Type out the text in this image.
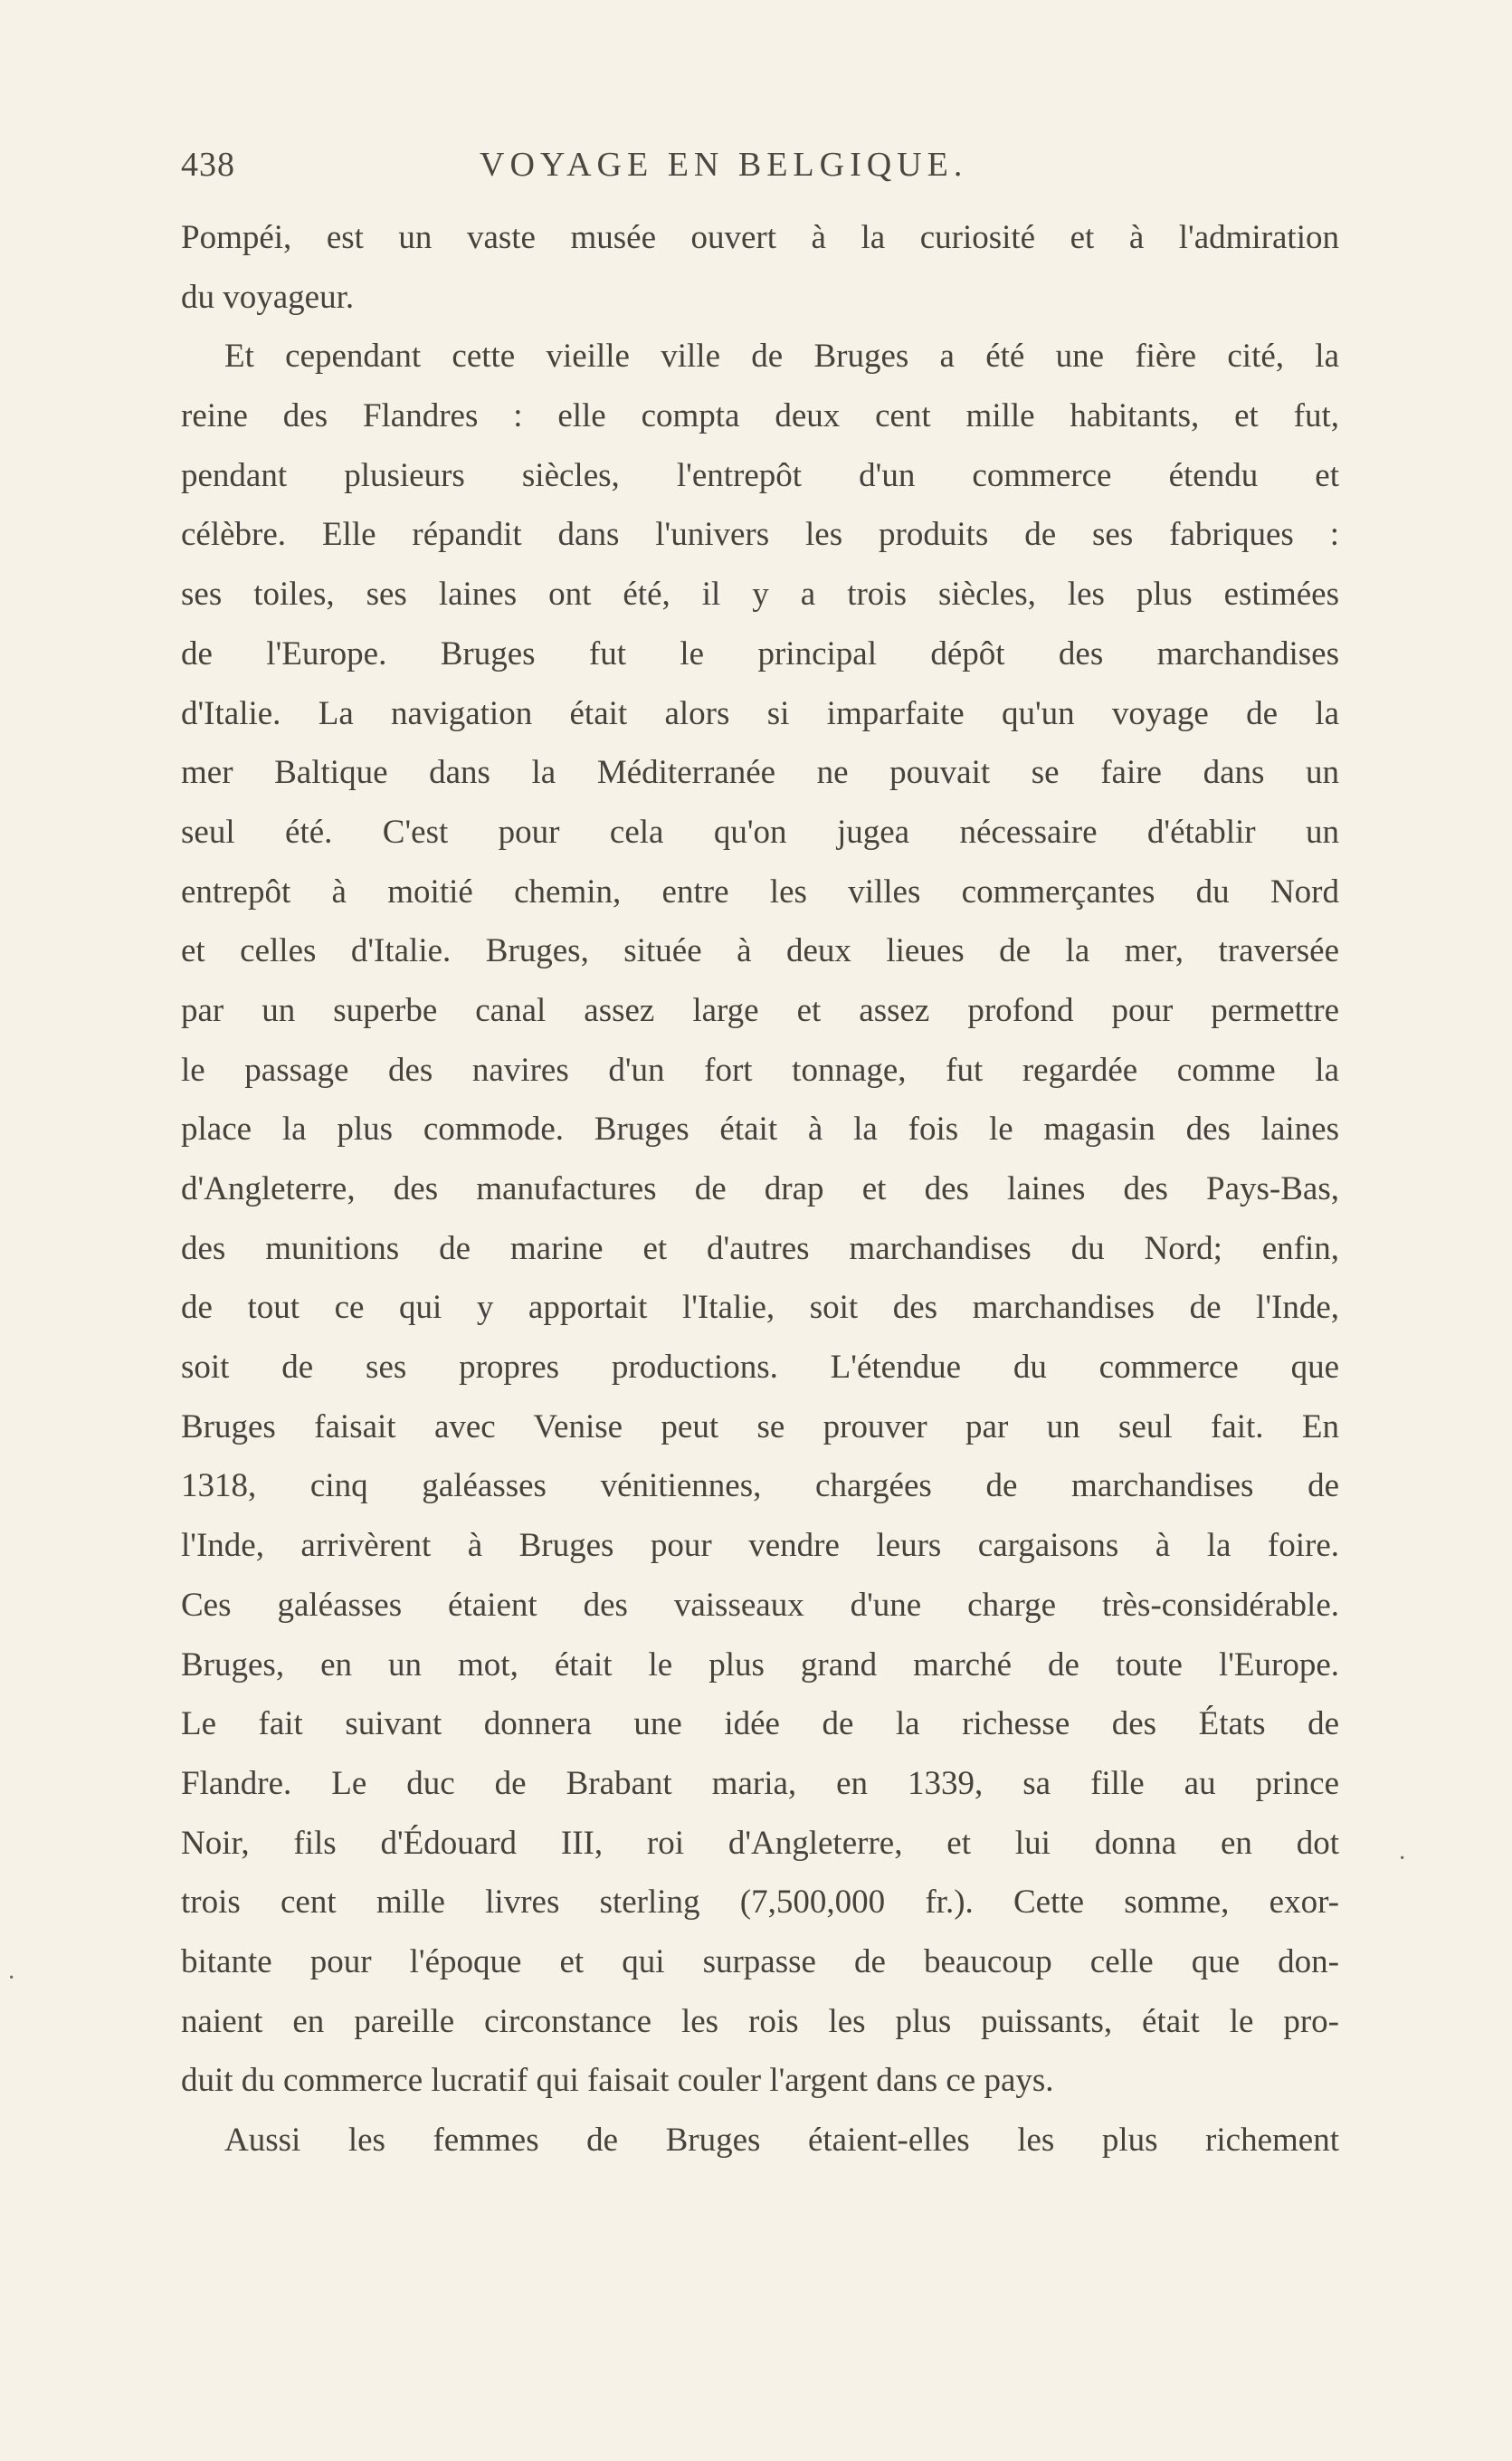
438	VOYAGE EN BELGIQUE.
Pompéi, est un vaste musée ouvert à la curiosité et à l'admiration
du voyageur.
Et cependant cette vieille ville de Bruges a été une fière cité, la
reine des Flandres : elle compta deux cent mille habitants, et fut,
pendant plusieurs siècles, l'entrepôt d'un commerce étendu et
célèbre. Elle répandit dans l'univers les produits de ses fabriques :
ses toiles, ses laines ont été, il y a trois siècles, les plus estimées
de l'Europe. Bruges fut le principal dépôt des marchandises
d'Italie. La navigation était alors si imparfaite qu'un voyage de la
mer Baltique dans la Méditerranée ne pouvait se faire dans un
seul été. C'est pour cela qu'on jugea nécessaire d'établir un
entrepôt à moitié chemin, entre les villes commerçantes du Nord
et celles d'Italie. Bruges, située à deux lieues de la mer, traversée
par un superbe canal assez large et assez profond pour permettre
le passage des navires d'un fort tonnage, fut regardée comme la
place la plus commode. Bruges était à la fois le magasin des laines
d'Angleterre, des manufactures de drap et des laines des Pays-Bas,
des munitions de marine et d'autres marchandises du Nord; enfin,
de tout ce qui y apportait l'Italie, soit des marchandises de l'Inde,
soit de ses propres productions. L'étendue du commerce que
Bruges faisait avec Venise peut se prouver par un seul fait. En
1318, cinq galéasses vénitiennes, chargées de marchandises de
l'Inde, arrivèrent à Bruges pour vendre leurs cargaisons à la foire.
Ces galéasses étaient des vaisseaux d'une charge très-considérable.
Bruges, en un mot, était le plus grand marché de toute l'Europe.
Le fait suivant donnera une idée de la richesse des États de
Flandre. Le duc de Brabant maria, en 1339, sa fille au prince
Noir, fils d'Édouard III, roi d'Angleterre, et lui donna en dot
trois cent mille livres sterling (7,500,000 fr.). Cette somme, exor-
bitante pour l'époque et qui surpasse de beaucoup celle que don-
naient en pareille circonstance les rois les plus puissants, était le pro-
duit du commerce lucratif qui faisait couler l'argent dans ce pays.
Aussi les femmes de Bruges étaient-elles les plus richement
·
·
